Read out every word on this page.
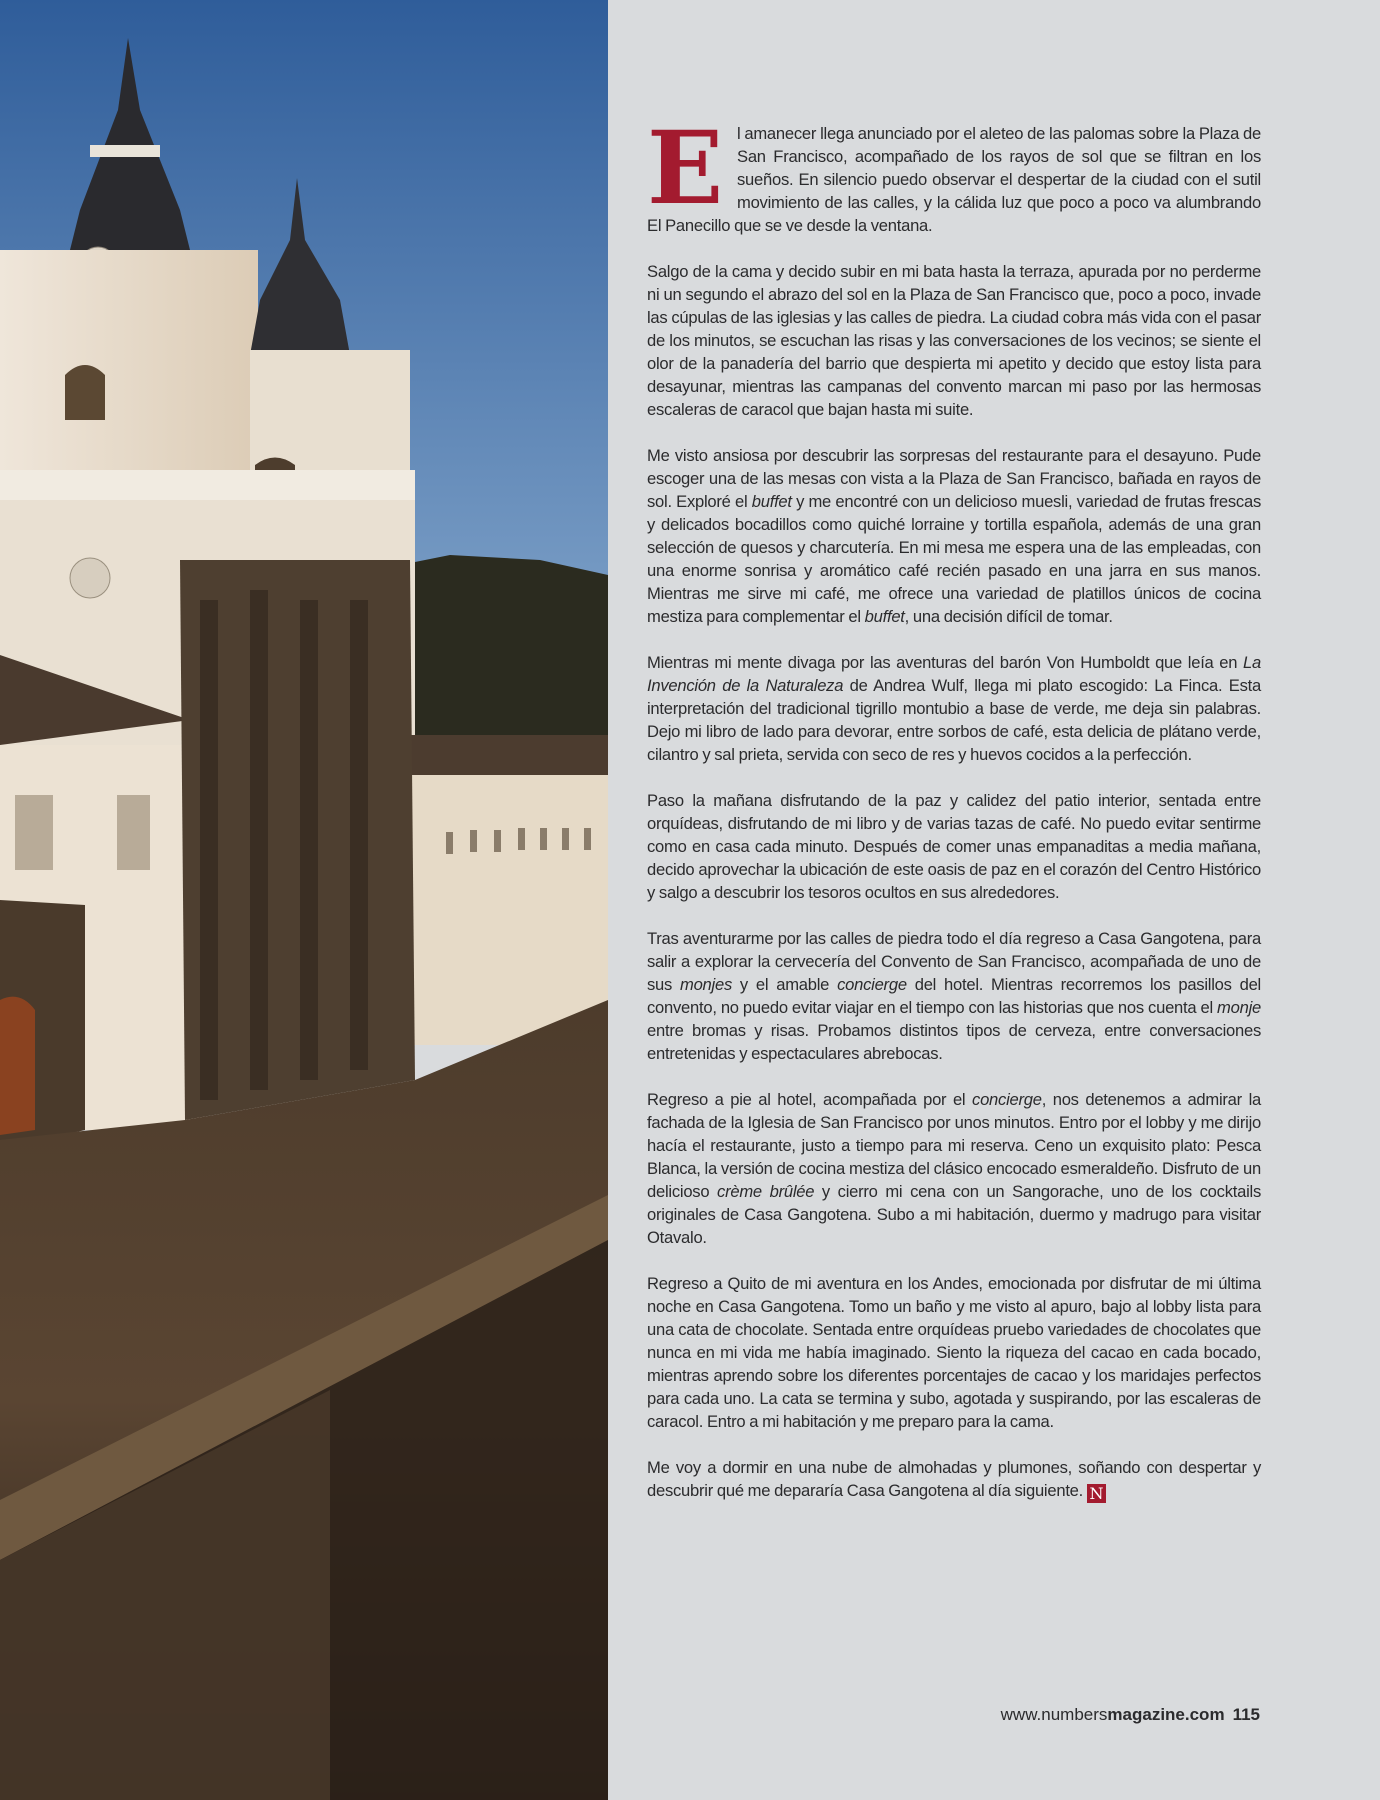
El amanecer llega anunciado por el aleteo de las palomas sobre la Plaza de San Francisco, acompañado de los rayos de sol que se filtran en los sueños. En silencio puedo observar el despertar de la ciudad con el sutil movimiento de las calles, y la cálida luz que poco a poco va alumbrando El Panecillo que se ve desde la ventana.

Salgo de la cama y decido subir en mi bata hasta la terraza, apurada por no perderme ni un segundo el abrazo del sol en la Plaza de San Francisco que, poco a poco, invade las cúpulas de las iglesias y las calles de piedra. La ciudad cobra más vida con el pasar de los minutos, se escuchan las risas y las conversaciones de los vecinos; se siente el olor de la panadería del barrio que despierta mi apetito y decido que estoy lista para desayunar, mientras las campanas del convento marcan mi paso por las hermosas escaleras de caracol que bajan hasta mi suite.

Me visto ansiosa por descubrir las sorpresas del restaurante para el desayuno. Pude escoger una de las mesas con vista a la Plaza de San Francisco, bañada en rayos de sol. Exploré el buffet y me encontré con un delicioso muesli, variedad de frutas frescas y delicados bocadillos como quiché lorraine y tortilla española, además de una gran selección de quesos y charcutería. En mi mesa me espera una de las empleadas, con una enorme sonrisa y aromático café recién pasado en una jarra en sus manos. Mientras me sirve mi café, me ofrece una variedad de platillos únicos de cocina mestiza para complementar el buffet, una decisión difícil de tomar.

Mientras mi mente divaga por las aventuras del barón Von Humboldt que leía en La Invención de la Naturaleza de Andrea Wulf, llega mi plato escogido: La Finca. Esta interpretación del tradicional tigrillo montubio a base de verde, me deja sin palabras. Dejo mi libro de lado para devorar, entre sorbos de café, esta delicia de plátano verde, cilantro y sal prieta, servida con seco de res y huevos cocidos a la perfección.

Paso la mañana disfrutando de la paz y calidez del patio interior, sentada entre orquídeas, disfrutando de mi libro y de varias tazas de café. No puedo evitar sentirme como en casa cada minuto. Después de comer unas empanaditas a media mañana, decido aprovechar la ubicación de este oasis de paz en el corazón del Centro Histórico y salgo a descubrir los tesoros ocultos en sus alrededores.

Tras aventurarme por las calles de piedra todo el día regreso a Casa Gangotena, para salir a explorar la cervecería del Convento de San Francisco, acompañada de uno de sus monjes y el amable concierge del hotel. Mientras recorremos los pasillos del convento, no puedo evitar viajar en el tiempo con las historias que nos cuenta el monje entre bromas y risas. Probamos distintos tipos de cerveza, entre conversaciones entretenidas y espectaculares abrebocas.

Regreso a pie al hotel, acompañada por el concierge, nos detenemos a admirar la fachada de la Iglesia de San Francisco por unos minutos. Entro por el lobby y me dirijo hacía el restaurante, justo a tiempo para mi reserva. Ceno un exquisito plato: Pesca Blanca, la versión de cocina mestiza del clásico encocado esmeraldeño. Disfruto de un delicioso crème brûlée y cierro mi cena con un Sangorache, uno de los cocktails originales de Casa Gangotena. Subo a mi habitación, duermo y madrugo para visitar Otavalo.

Regreso a Quito de mi aventura en los Andes, emocionada por disfrutar de mi última noche en Casa Gangotena. Tomo un baño y me visto al apuro, bajo al lobby lista para una cata de chocolate. Sentada entre orquídeas pruebo variedades de chocolates que nunca en mi vida me había imaginado. Siento la riqueza del cacao en cada bocado, mientras aprendo sobre los diferentes porcentajes de cacao y los maridajes perfectos para cada uno. La cata se termina y subo, agotada y suspirando, por las escaleras de caracol. Entro a mi habitación y me preparo para la cama.

Me voy a dormir en una nube de almohadas y plumones, soñando con despertar y descubrir qué me depararía Casa Gangotena al día siguiente. N

www.numbersmagazine.com 115
